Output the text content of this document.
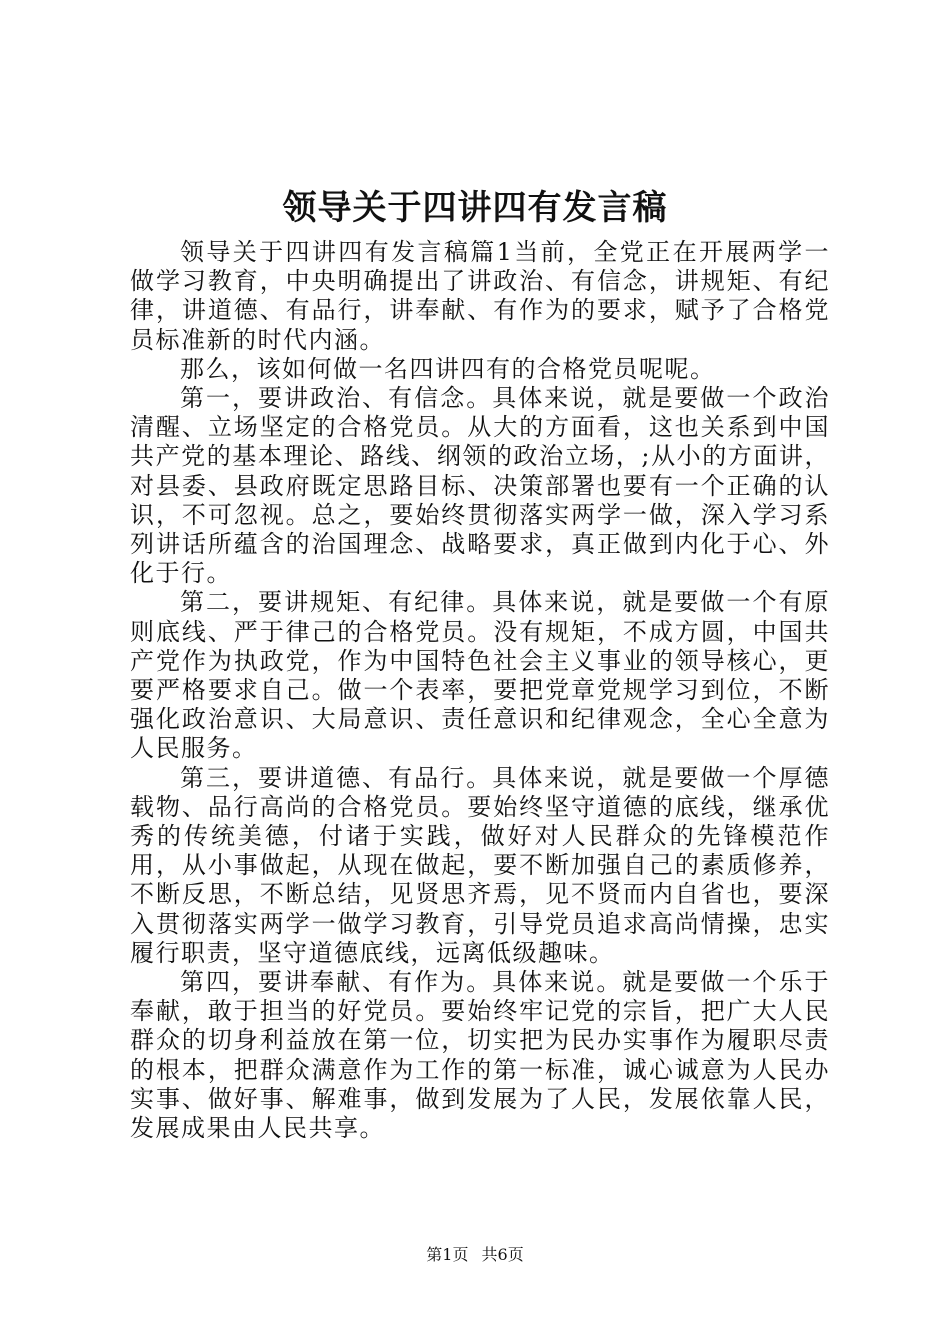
领导关于四讲四有发言稿

领导关于四讲四有发言稿篇1当前，全党正在开展两学一做学习教育，中央明确提出了讲政治、有信念，讲规矩、有纪律，讲道德、有品行，讲奉献、有作为的要求，赋予了合格党员标准新的时代内涵。

那么，该如何做一名四讲四有的合格党员呢呢。

第一，要讲政治、有信念。具体来说，就是要做一个政治清醒、立场坚定的合格党员。从大的方面看，这也关系到中国共产党的基本理论、路线、纲领的政治立场，;从小的方面讲，对县委、县政府既定思路目标、决策部署也要有一个正确的认识，不可忽视。总之，要始终贯彻落实两学一做，深入学习系列讲话所蕴含的治国理念、战略要求，真正做到内化于心、外化于行。

第二，要讲规矩、有纪律。具体来说，就是要做一个有原则底线、严于律己的合格党员。没有规矩，不成方圆，中国共产党作为执政党，作为中国特色社会主义事业的领导核心，更要严格要求自己。做一个表率，要把党章党规学习到位，不断强化政治意识、大局意识、责任意识和纪律观念，全心全意为人民服务。

第三，要讲道德、有品行。具体来说，就是要做一个厚德载物、品行高尚的合格党员。要始终坚守道德的底线，继承优秀的传统美德，付诸于实践，做好对人民群众的先锋模范作用，从小事做起，从现在做起，要不断加强自己的素质修养，不断反思，不断总结，见贤思齐焉，见不贤而内自省也，要深入贯彻落实两学一做学习教育，引导党员追求高尚情操，忠实履行职责，坚守道德底线，远离低级趣味。

第四，要讲奉献、有作为。具体来说。就是要做一个乐于奉献，敢于担当的好党员。要始终牢记党的宗旨，把广大人民群众的切身利益放在第一位，切实把为民办实事作为履职尽责的根本，把群众满意作为工作的第一标准，诚心诚意为人民办实事、做好事、解难事，做到发展为了人民，发展依靠人民，发展成果由人民共享。

第1页 共6页
